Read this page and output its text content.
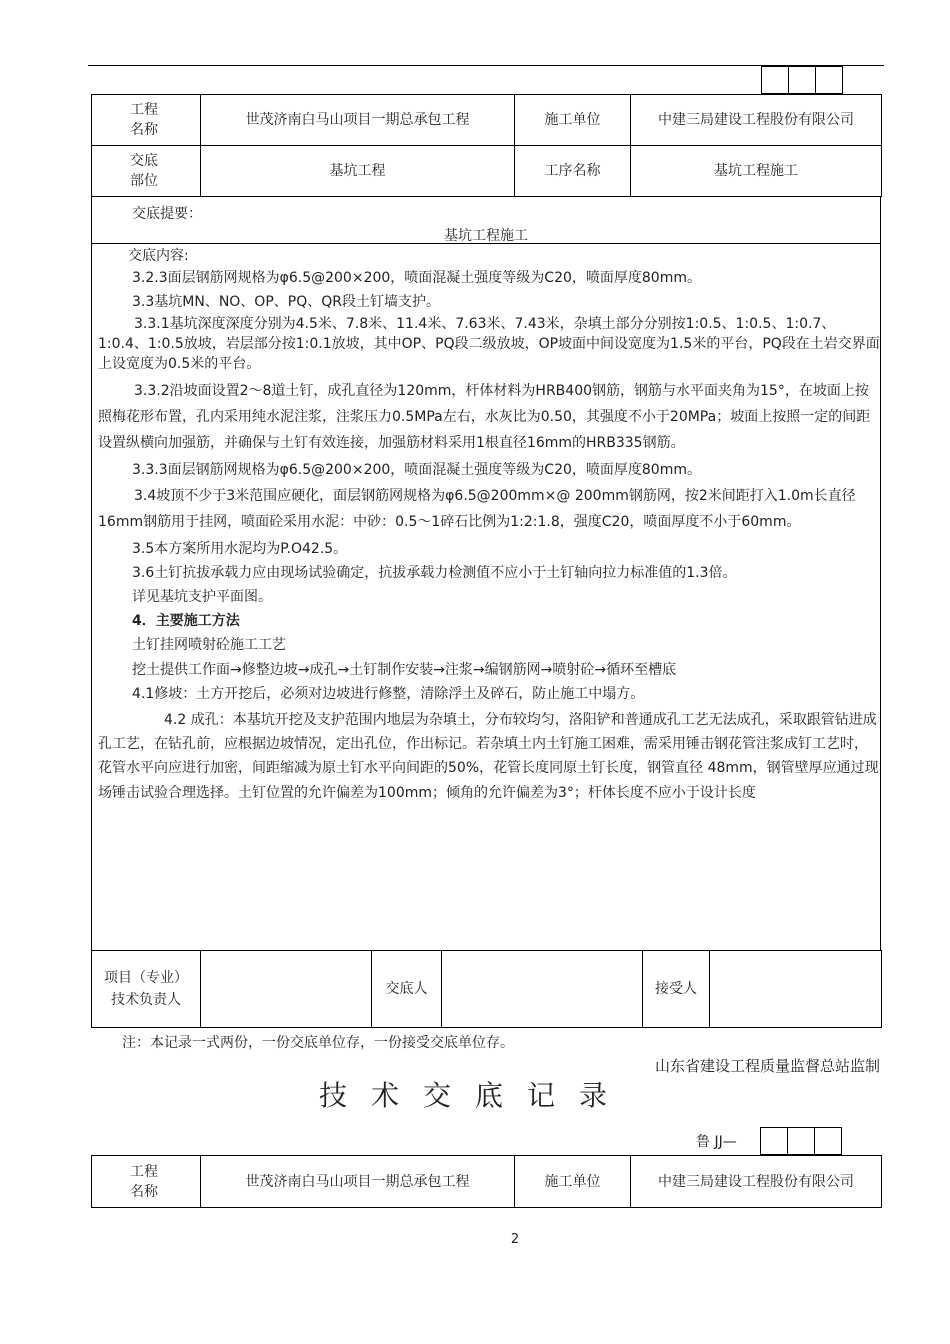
工程名称	世茂济南白马山项目一期总承包工程	施工单位	中建三局建设工程股份有限公司
交底部位	基坑工程	工序名称	基坑工程施工

交底提要：

基坑工程施工

交底内容:

3.2.3面层钢筋网规格为φ6.5@200×200，喷面混凝土强度等级为C20，喷面厚度80mm。

3.3基坑MN、NO、OP、PQ、QR段土钉墙支护。

3.3.1基坑深度深度分别为4.5米、7.8米、11.4米、7.63米、7.43米，杂填土部分分别按1:0.5、1:0.5、1:0.7、1:0.4、1:0.5放坡，岩层部分按1:0.1放坡，其中OP、PQ段二级放坡，OP坡面中间设宽度为1.5米的平台，PQ段在土岩交界面上设宽度为0.5米的平台。

3.3.2沿坡面设置2～8道土钉，成孔直径为120mm，杆体材料为HRB400钢筋，钢筋与水平面夹角为15°，在坡面上按照梅花形布置，孔内采用纯水泥注浆，注浆压力0.5MPa左右，水灰比为0.50，其强度不小于20MPa；坡面上按照一定的间距设置纵横向加强筋，并确保与土钉有效连接，加强筋材料采用1根直径16mm的HRB335钢筋。

3.3.3面层钢筋网规格为φ6.5@200×200，喷面混凝土强度等级为C20，喷面厚度80mm。

3.4坡顶不少于3米范围应硬化，面层钢筋网规格为φ6.5@200mm×@ 200mm钢筋网，按2米间距打入1.0m长直径16mm钢筋用于挂网，喷面砼采用水泥：中砂：0.5～1碎石比例为1:2:1.8，强度C20，喷面厚度不小于60mm。

3.5本方案所用水泥均为P.O42.5。

3.6土钉抗拔承载力应由现场试验确定，抗拔承载力检测值不应小于土钉轴向拉力标准值的1.3倍。

详见基坑支护平面图。

4．主要施工方法

土钉挂网喷射砼施工工艺

挖土提供工作面→修整边坡→成孔→土钉制作安装→注浆→编钢筋网→喷射砼→循环至槽底

4.1修坡：土方开挖后，必须对边坡进行修整，清除浮土及碎石，防止施工中塌方。

4.2 成孔：本基坑开挖及支护范围内地层为杂填土，分布较均匀，洛阳铲和普通成孔工艺无法成孔，采取跟管钻进成孔工艺，在钻孔前，应根据边坡情况，定出孔位，作出标记。若杂填土内土钉施工困难，需采用锤击钢花管注浆成钉工艺时，花管水平向应进行加密，间距缩减为原土钉水平向间距的50%，花管长度同原土钉长度，钢管直径 48mm，钢管壁厚应通过现场锤击试验合理选择。土钉位置的允许偏差为100mm；倾角的允许偏差为3°；杆体长度不应小于设计长度

项目（专业）技术负责人		交底人		接受人	
注：本记录一式两份，一份交底单位存，一份接受交底单位存。
山东省建设工程质量监督总站监制
技术交底记录
鲁 JJ—
工程名称	世茂济南白马山项目一期总承包工程	施工单位	中建三局建设工程股份有限公司
2
